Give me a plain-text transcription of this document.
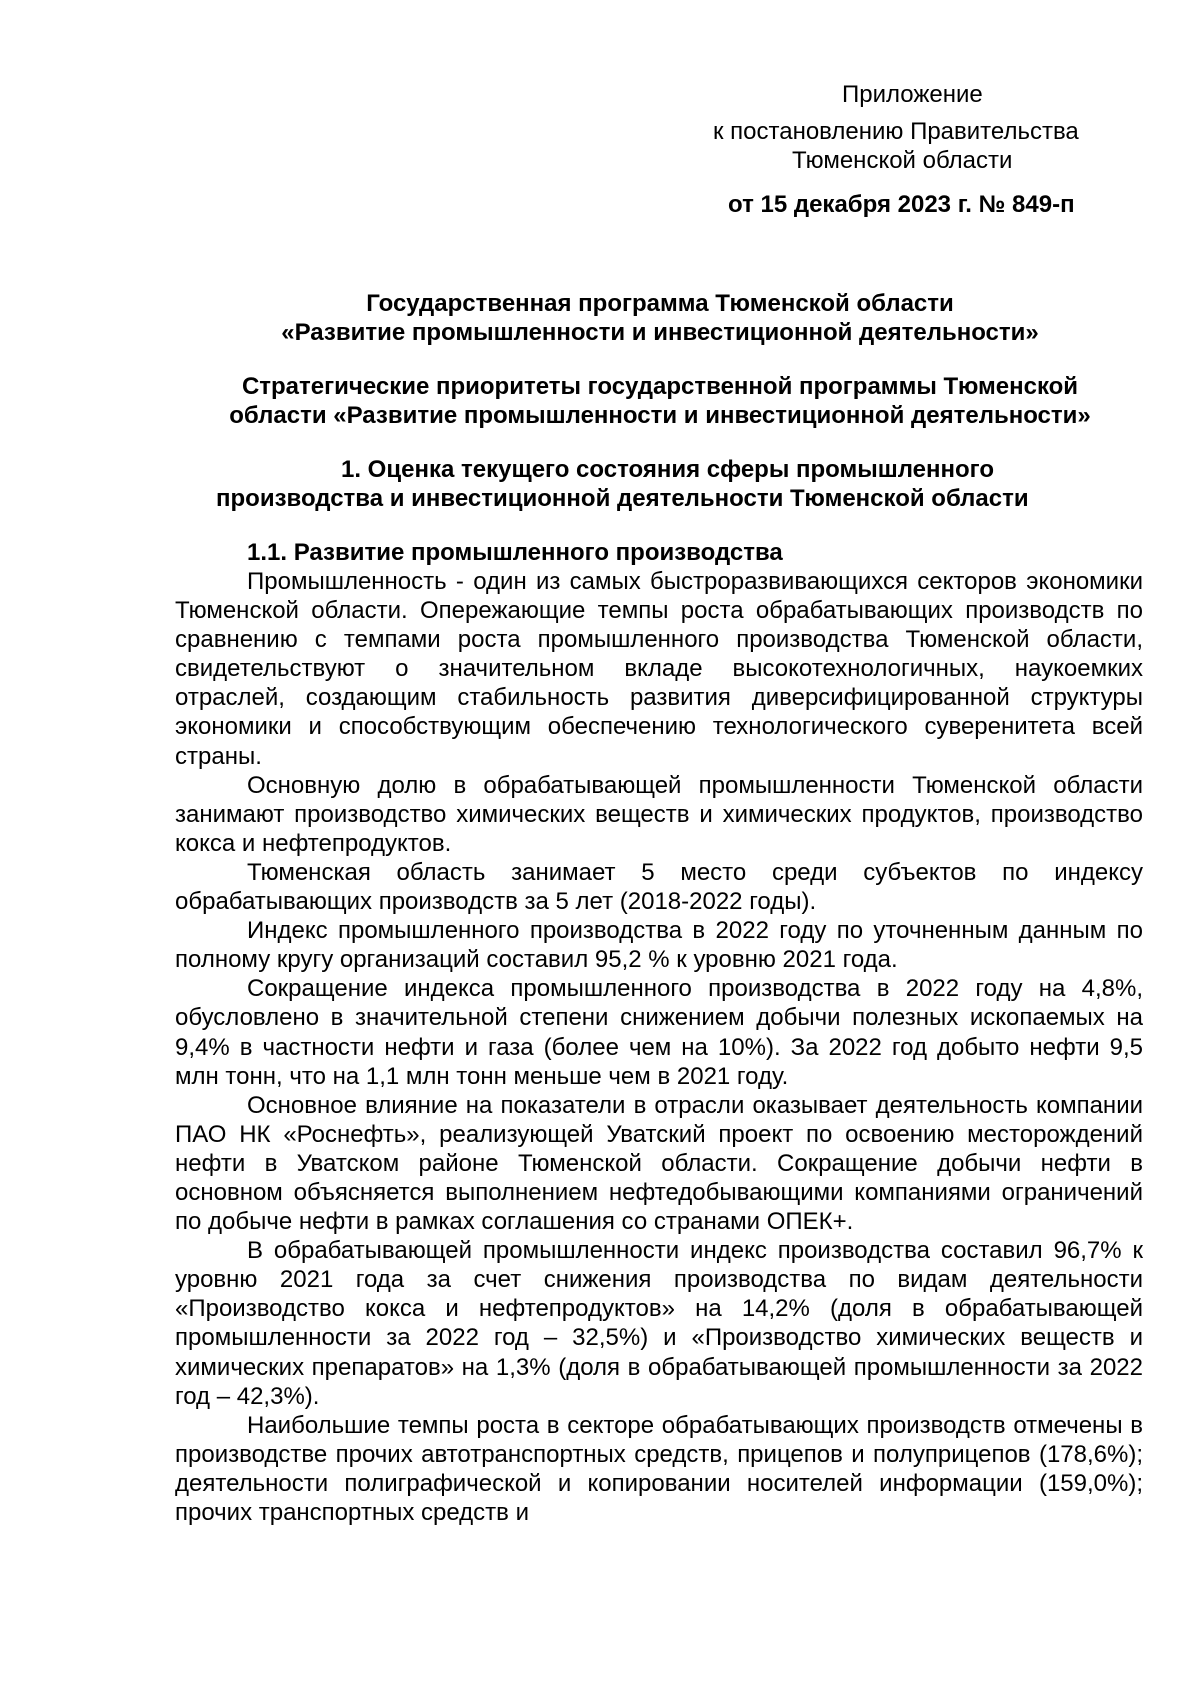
Приложение
к постановлению Правительства
Тюменской области
от 15 декабря 2023 г. № 849-п
Государственная программа Тюменской области
«Развитие промышленности и инвестиционной деятельности»
Стратегические приоритеты государственной программы Тюменской
области «Развитие промышленности и инвестиционной деятельности»
1. Оценка текущего состояния сферы промышленного
производства и инвестиционной деятельности Тюменской области
1.1. Развитие промышленного производства

Промышленность - один из самых быстроразвивающихся секторов экономики Тюменской области. Опережающие темпы роста обрабатывающих производств по сравнению с темпами роста промышленного производства Тюменской области, свидетельствуют о значительном вкладе высокотехнологичных, наукоемких отраслей, создающим стабильность развития диверсифицированной структуры экономики и способствующим обеспечению технологического суверенитета всей страны.

Основную долю в обрабатывающей промышленности Тюменской области занимают производство химических веществ и химических продуктов, производство кокса и нефтепродуктов.

Тюменская область занимает 5 место среди субъектов по индексу обрабатывающих производств за 5 лет (2018-2022 годы).

Индекс промышленного производства в 2022 году по уточненным данным по полному кругу организаций составил 95,2 % к уровню 2021 года.

Сокращение индекса промышленного производства в 2022 году на 4,8%, обусловлено в значительной степени снижением добычи полезных ископаемых на 9,4% в частности нефти и газа (более чем на 10%). За 2022 год добыто нефти 9,5 млн тонн, что на 1,1 млн тонн меньше чем в 2021 году.

Основное влияние на показатели в отрасли оказывает деятельность компании ПАО НК «Роснефть», реализующей Уватский проект по освоению месторождений нефти в Уватском районе Тюменской области. Сокращение добычи нефти в основном объясняется выполнением нефтедобывающими компаниями ограничений по добыче нефти в рамках соглашения со странами ОПЕК+.

В обрабатывающей промышленности индекс производства составил 96,7% к уровню 2021 года за счет снижения производства по видам деятельности «Производство кокса и нефтепродуктов» на 14,2% (доля в обрабатывающей промышленности за 2022 год – 32,5%) и «Производство химических веществ и химических препаратов» на 1,3% (доля в обрабатывающей промышленности за 2022 год – 42,3%).

Наибольшие темпы роста в секторе обрабатывающих производств отмечены в производстве прочих автотранспортных средств, прицепов и полуприцепов (178,6%); деятельности полиграфической и копировании носителей информации (159,0%); прочих транспортных средств и
